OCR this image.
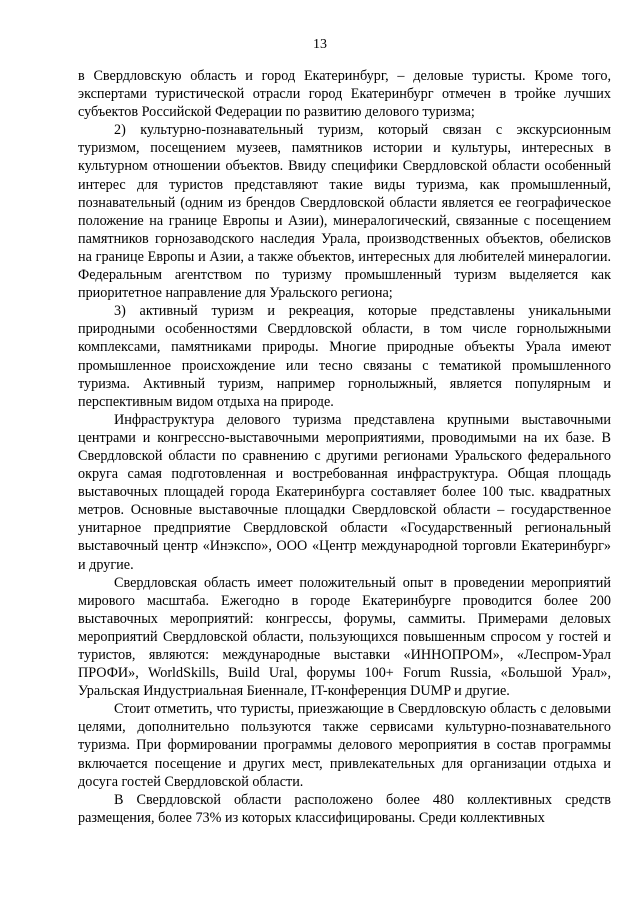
13

в Свердловскую область и город Екатеринбург, – деловые туристы. Кроме того, экспертами туристической отрасли город Екатеринбург отмечен в тройке лучших субъектов Российской Федерации по развитию делового туризма;

2) культурно-познавательный туризм, который связан с экскурсионным туризмом, посещением музеев, памятников истории и культуры, интересных в культурном отношении объектов. Ввиду специфики Свердловской области особенный интерес для туристов представляют такие виды туризма, как промышленный, познавательный (одним из брендов Свердловской области является ее географическое положение на границе Европы и Азии), минералогический, связанные с посещением памятников горнозаводского наследия Урала, производственных объектов, обелисков на границе Европы и Азии, а также объектов, интересных для любителей минералогии. Федеральным агентством по туризму промышленный туризм выделяется как приоритетное направление для Уральского региона;

3) активный туризм и рекреация, которые представлены уникальными природными особенностями Свердловской области, в том числе горнолыжными комплексами, памятниками природы. Многие природные объекты Урала имеют промышленное происхождение или тесно связаны с тематикой промышленного туризма. Активный туризм, например горнолыжный, является популярным и перспективным видом отдыха на природе.

Инфраструктура делового туризма представлена крупными выставочными центрами и конгрессно-выставочными мероприятиями, проводимыми на их базе. В Свердловской области по сравнению с другими регионами Уральского федерального округа самая подготовленная и востребованная инфраструктура. Общая площадь выставочных площадей города Екатеринбурга составляет более 100 тыс. квадратных метров. Основные выставочные площадки Свердловской области – государственное унитарное предприятие Свердловской области «Государственный региональный выставочный центр «Инэкспо», ООО «Центр международной торговли Екатеринбург» и другие.

Свердловская область имеет положительный опыт в проведении мероприятий мирового масштаба. Ежегодно в городе Екатеринбурге проводится более 200 выставочных мероприятий: конгрессы, форумы, саммиты. Примерами деловых мероприятий Свердловской области, пользующихся повышенным спросом у гостей и туристов, являются: международные выставки «ИННОПРОМ», «Леспром-Урал ПРОФИ», WorldSkills, Build Ural, форумы 100+ Forum Russia, «Большой Урал», Уральская Индустриальная Биеннале, IT-конференция DUMP и другие.

Стоит отметить, что туристы, приезжающие в Свердловскую область с деловыми целями, дополнительно пользуются также сервисами культурно-познавательного туризма. При формировании программы делового мероприятия в состав программы включается посещение и других мест, привлекательных для организации отдыха и досуга гостей Свердловской области.

В Свердловской области расположено более 480 коллективных средств размещения, более 73% из которых классифицированы. Среди коллективных
